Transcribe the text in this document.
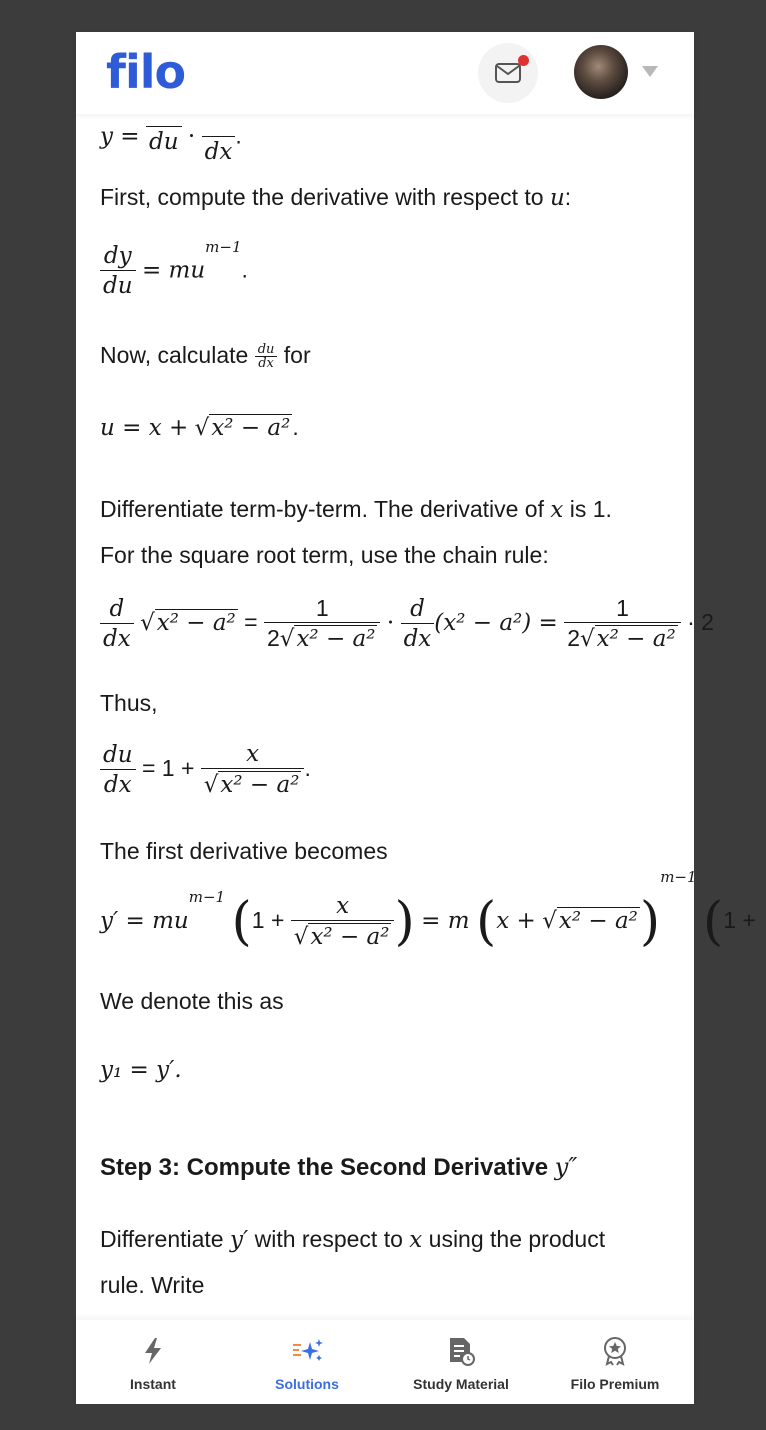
filo
y = du ·
dx
.
First, compute the derivative with respect to u:
$\frac{dy}{du} = mu^{m-1}$.
Now, calculate $\frac{du}{dx}$ for
u = x + √x² − a².
Differentiate term-by-term. The derivative of x is 1.
For the square root term, use the chain rule:
$\frac{d}{dx} √x^2 - a^2 = \frac{1}{\text{2√x² − a²}} \cdot \frac{d}{dx} (x^2 - a^2) = \frac{1}{\text{2√x² − a²}} \cdot 2$
Thus,
$\frac{du}{dx} = 1 + \frac{x}{\text{√x² − a²}}$ .
The first derivative becomes
$y' = mu^{m-1}$ ($1 + \frac{x}{\text{√x² − a²}}$ ) = m $(x + √x^2 - a^2)^{m-1}$ (1 +
We denote this as
y₁ = y′.
Step 3: Compute the Second Derivative y″
Differentiate y′ with respect to x using the product
rule. Write
Instant	Solutions	Study Material	Filo Premium
